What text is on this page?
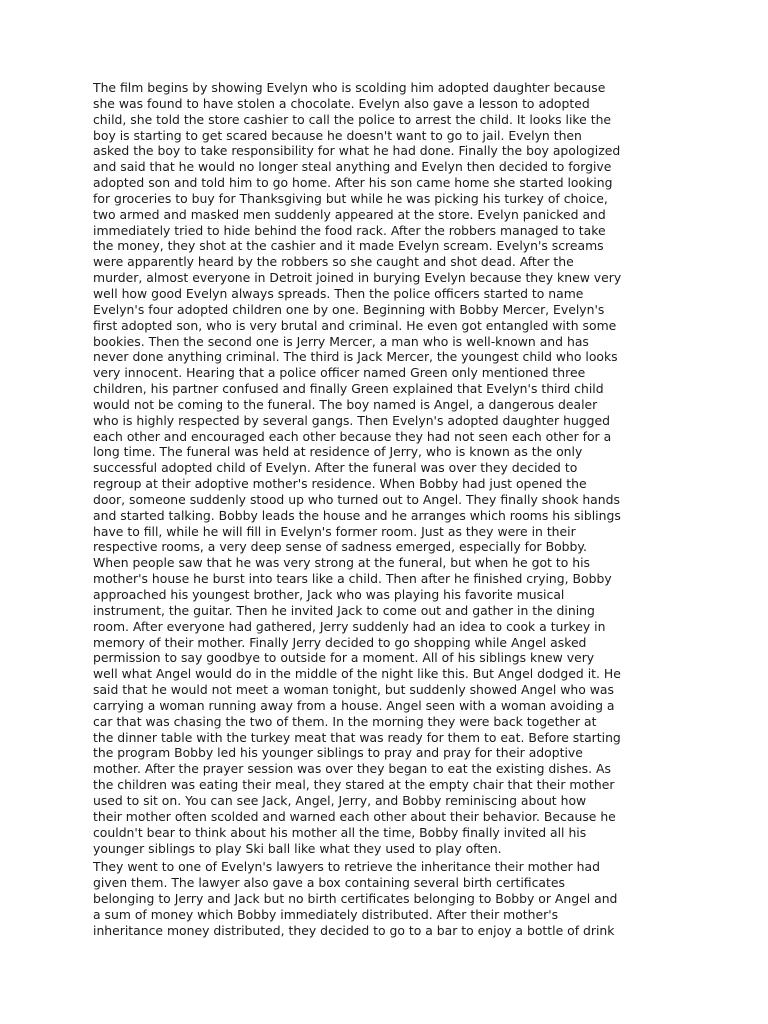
The film begins by showing Evelyn who is scolding him adopted daughter because
she was found to have stolen a chocolate. Evelyn also gave a lesson to adopted
child, she told the store cashier to call the police to arrest the child. It looks like the
boy is starting to get scared because he doesn't want to go to jail. Evelyn then
asked the boy to take responsibility for what he had done. Finally the boy apologized
and said that he would no longer steal anything and Evelyn then decided to forgive
adopted son and told him to go home. After his son came home she started looking
for groceries to buy for Thanksgiving but while he was picking his turkey of choice,
two armed and masked men suddenly appeared at the store. Evelyn panicked and
immediately tried to hide behind the food rack. After the robbers managed to take
the money, they shot at the cashier and it made Evelyn scream. Evelyn's screams
were apparently heard by the robbers so she caught and shot dead. After the
murder, almost everyone in Detroit joined in burying Evelyn because they knew very
well how good Evelyn always spreads. Then the police officers started to name
Evelyn's four adopted children one by one. Beginning with Bobby Mercer, Evelyn's
first adopted son, who is very brutal and criminal. He even got entangled with some
bookies. Then the second one is Jerry Mercer, a man who is well-known and has
never done anything criminal. The third is Jack Mercer, the youngest child who looks
very innocent. Hearing that a police officer named Green only mentioned three
children, his partner confused and finally Green explained that Evelyn's third child
would not be coming to the funeral. The boy named is Angel, a dangerous dealer
who is highly respected by several gangs. Then Evelyn's adopted daughter hugged
each other and encouraged each other because they had not seen each other for a
long time. The funeral was held at residence of Jerry, who is known as the only
successful adopted child of Evelyn. After the funeral was over they decided to
regroup at their adoptive mother's residence. When Bobby had just opened the
door, someone suddenly stood up who turned out to Angel. They finally shook hands
and started talking. Bobby leads the house and he arranges which rooms his siblings
have to fill, while he will fill in Evelyn's former room. Just as they were in their
respective rooms, a very deep sense of sadness emerged, especially for Bobby.
When people saw that he was very strong at the funeral, but when he got to his
mother's house he burst into tears like a child. Then after he finished crying, Bobby
approached his youngest brother, Jack who was playing his favorite musical
instrument, the guitar. Then he invited Jack to come out and gather in the dining
room. After everyone had gathered, Jerry suddenly had an idea to cook a turkey in
memory of their mother. Finally Jerry decided to go shopping while Angel asked
permission to say goodbye to outside for a moment. All of his siblings knew very
well what Angel would do in the middle of the night like this. But Angel dodged it. He
said that he would not meet a woman tonight, but suddenly showed Angel who was
carrying a woman running away from a house. Angel seen with a woman avoiding a
car that was chasing the two of them. In the morning they were back together at
the dinner table with the turkey meat that was ready for them to eat. Before starting
the program Bobby led his younger siblings to pray and pray for their adoptive
mother. After the prayer session was over they began to eat the existing dishes. As
the children was eating their meal, they stared at the empty chair that their mother
used to sit on. You can see Jack, Angel, Jerry, and Bobby reminiscing about how
their mother often scolded and warned each other about their behavior. Because he
couldn't bear to think about his mother all the time, Bobby finally invited all his
younger siblings to play Ski ball like what they used to play often.

They went to one of Evelyn's lawyers to retrieve the inheritance their mother had
given them. The lawyer also gave a box containing several birth certificates
belonging to Jerry and Jack but no birth certificates belonging to Bobby or Angel and
a sum of money which Bobby immediately distributed. After their mother's
inheritance money distributed, they decided to go to a bar to enjoy a bottle of drink
